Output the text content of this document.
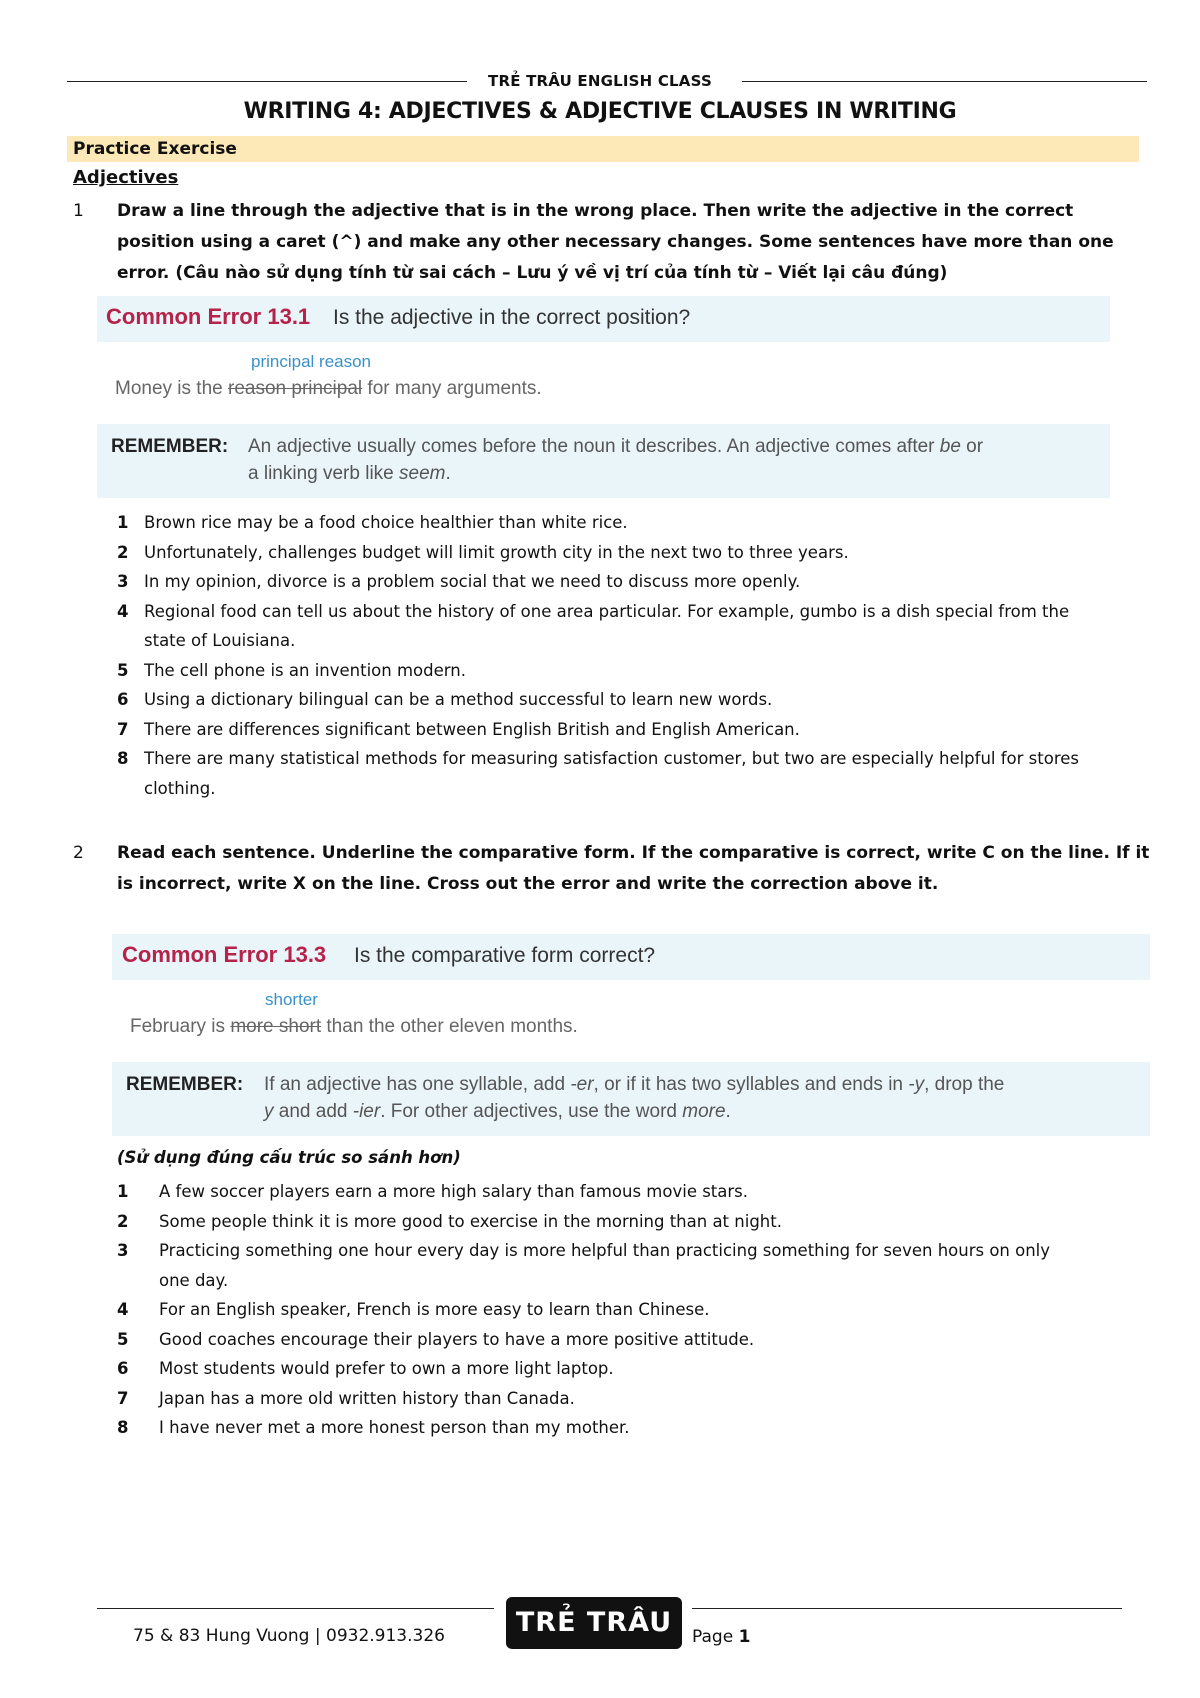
TRẺ TRÂU ENGLISH CLASS
WRITING 4: ADJECTIVES & ADJECTIVE CLAUSES IN WRITING
Practice Exercise
Adjectives
1 Draw a line through the adjective that is in the wrong place. Then write the adjective in the correct
position using a caret (^) and make any other necessary changes. Some sentences have more than one
error. (Câu nào sử dụng tính từ sai cách – Lưu ý về vị trí của tính từ – Viết lại câu đúng)
Common Error 13.1 Is the adjective in the correct position?
principal reason
Money is the reason principal for many arguments.
REMEMBER: An adjective usually comes before the noun it describes. An adjective comes after be or
a linking verb like seem.
1 Brown rice may be a food choice healthier than white rice.
2 Unfortunately, challenges budget will limit growth city in the next two to three years.
3 In my opinion, divorce is a problem social that we need to discuss more openly.
4 Regional food can tell us about the history of one area particular. For example, gumbo is a dish special from the
state of Louisiana.
5 The cell phone is an invention modern.
6 Using a dictionary bilingual can be a method successful to learn new words.
7 There are differences significant between English British and English American.
8 There are many statistical methods for measuring satisfaction customer, but two are especially helpful for stores
clothing.
2 Read each sentence. Underline the comparative form. If the comparative is correct, write C on the line. If it
is incorrect, write X on the line. Cross out the error and write the correction above it.
Common Error 13.3 Is the comparative form correct?
shorter
February is more short than the other eleven months.
REMEMBER: If an adjective has one syllable, add -er, or if it has two syllables and ends in -y, drop the
y and add -ier. For other adjectives, use the word more.
(Sử dụng đúng cấu trúc so sánh hơn)
1 A few soccer players earn a more high salary than famous movie stars.
2 Some people think it is more good to exercise in the morning than at night.
3 Practicing something one hour every day is more helpful than practicing something for seven hours on only
one day.
4 For an English speaker, French is more easy to learn than Chinese.
5 Good coaches encourage their players to have a more positive attitude.
6 Most students would prefer to own a more light laptop.
7 Japan has a more old written history than Canada.
8 I have never met a more honest person than my mother.
75 & 83 Hung Vuong | 0932.913.326	TRẺ TRÂU	Page 1
